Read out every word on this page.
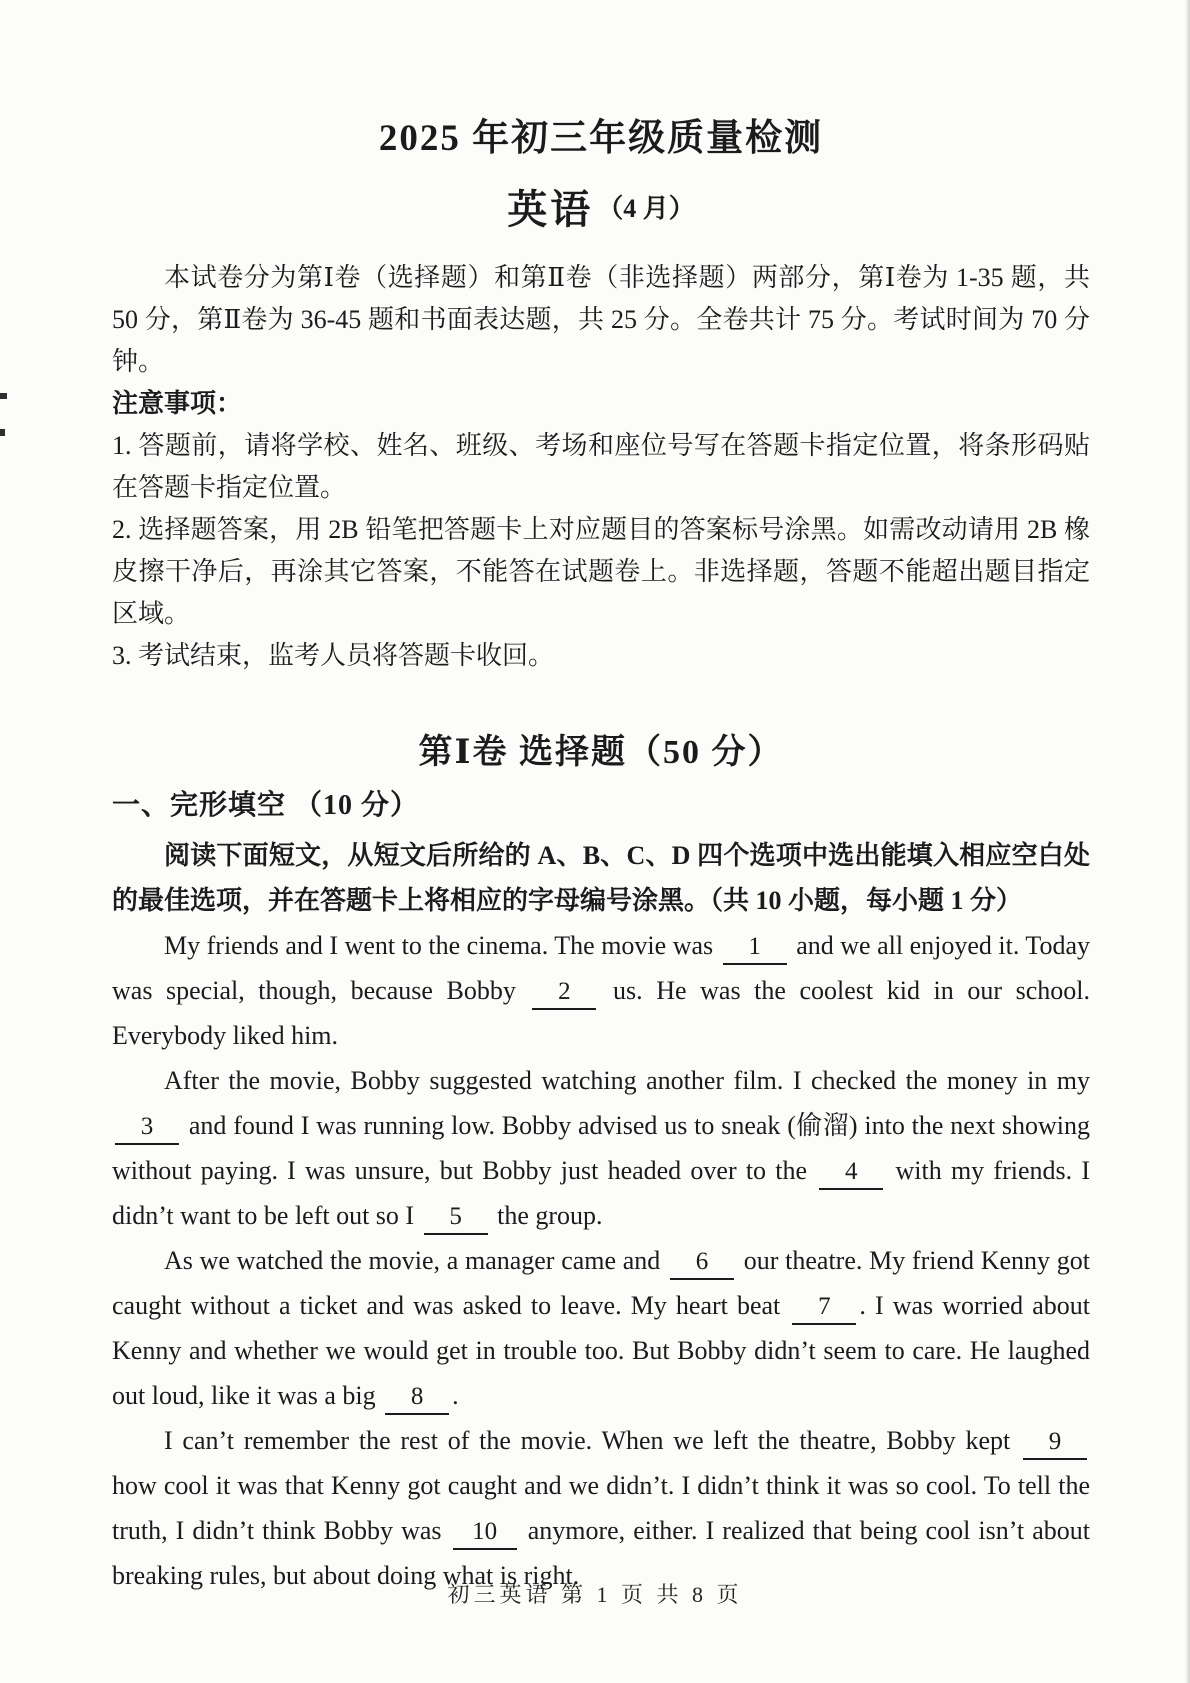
2025 年初三年级质量检测
英语 （4 月）

本试卷分为第Ⅰ卷（选择题）和第Ⅱ卷（非选择题）两部分，第Ⅰ卷为 1-35 题，共 50 分，第Ⅱ卷为 36-45 题和书面表达题，共 25 分。全卷共计 75 分。考试时间为 70 分钟。

注意事项：

1. 答题前，请将学校、姓名、班级、考场和座位号写在答题卡指定位置，将条形码贴在答题卡指定位置。

2. 选择题答案，用 2B 铅笔把答题卡上对应题目的答案标号涂黑。如需改动请用 2B 橡皮擦干净后，再涂其它答案，不能答在试题卷上。非选择题，答题不能超出题目指定区域。

3. 考试结束，监考人员将答题卡收回。

第Ⅰ卷 选择题（50 分）
一、完形填空 （10 分）

阅读下面短文，从短文后所给的 A、B、C、D 四个选项中选出能填入相应空白处的最佳选项，并在答题卡上将相应的字母编号涂黑。（共 10 小题，每小题 1 分）

My friends and I went to the cinema. The movie was 1 and we all enjoyed it. Today was special, though, because Bobby 2 us. He was the coolest kid in our school. Everybody liked him.

After the movie, Bobby suggested watching another film. I checked the money in my 3 and found I was running low. Bobby advised us to sneak (偷溜) into the next showing without paying. I was unsure, but Bobby just headed over to the 4 with my friends. I didn’t want to be left out so I 5 the group.

As we watched the movie, a manager came and 6 our theatre. My friend Kenny got caught without a ticket and was asked to leave. My heart beat 7 . I was worried about Kenny and whether we would get in trouble too. But Bobby didn’t seem to care. He laughed out loud, like it was a big 8 .

I can’t remember the rest of the movie. When we left the theatre, Bobby kept 9 how cool it was that Kenny got caught and we didn’t. I didn’t think it was so cool. To tell the truth, I didn’t think Bobby was 10 anymore, either. I realized that being cool isn’t about breaking rules, but about doing what is right.

初三英语 第 1 页 共 8 页
